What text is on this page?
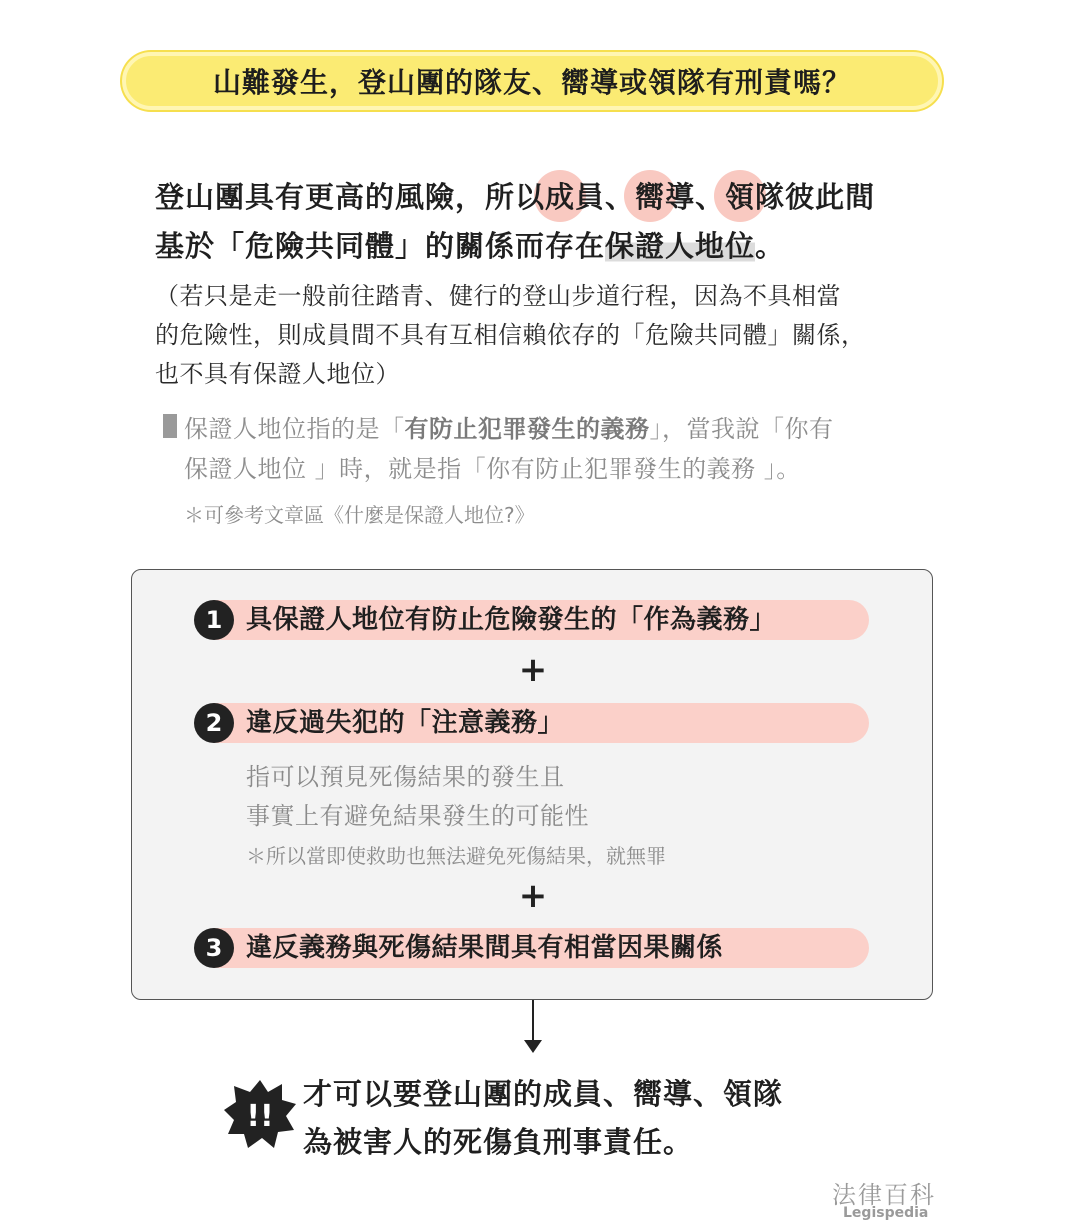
山難發生，登山團的隊友、嚮導或領隊有刑責嗎？
登山團具有更高的風險，所以成員、嚮導、領隊彼此間
基於「危險共同體」的關係而存在保證人地位。
（若只是走一般前往踏青、健行的登山步道行程，因為不具相當
的危險性，則成員間不具有互相信賴依存的「危險共同體」關係，
也不具有保證人地位）
保證人地位指的是「有防止犯罪發生的義務」，當我說「你有
保證人地位 」時，就是指「你有防止犯罪發生的義務 」。
＊可參考文章區《什麼是保證人地位?》
1 具保證人地位有防止危險發生的「作為義務」
+
2 違反過失犯的「注意義務」
指可以預見死傷結果的發生且
事實上有避免結果發生的可能性
＊所以當即使救助也無法避免死傷結果，就無罪
+
3 違反義務與死傷結果間具有相當因果關係
!!
才可以要登山團的成員、嚮導、領隊
為被害人的死傷負刑事責任。
法律百科
Legispedia
